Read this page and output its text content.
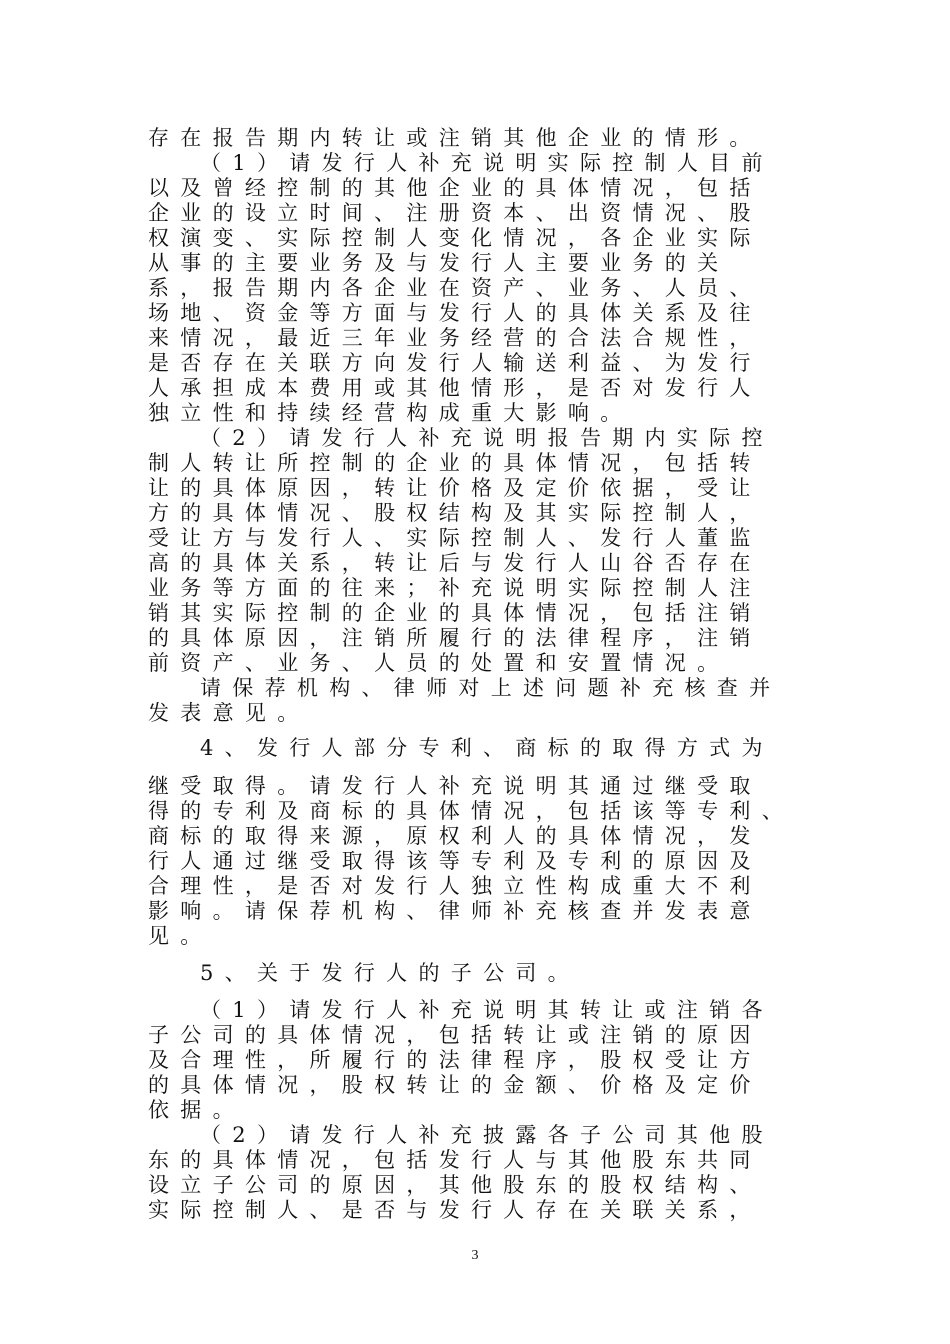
存在报告期内转让或注销其他企业的情形。
（1）请发行人补充说明实际控制人目前
以及曾经控制的其他企业的具体情况，包括
企业的设立时间、注册资本、出资情况、股
权演变、实际控制人变化情况，各企业实际
从事的主要业务及与发行人主要业务的关
系，报告期内各企业在资产、业务、人员、
场地、资金等方面与发行人的具体关系及往
来情况，最近三年业务经营的合法合规性，
是否存在关联方向发行人输送利益、为发行
人承担成本费用或其他情形，是否对发行人
独立性和持续经营构成重大影响。
（2）请发行人补充说明报告期内实际控
制人转让所控制的企业的具体情况，包括转
让的具体原因，转让价格及定价依据，受让
方的具体情况、股权结构及其实际控制人，
受让方与发行人、实际控制人、发行人董监
高的具体关系，转让后与发行人山谷否存在
业务等方面的往来；补充说明实际控制人注
销其实际控制的企业的具体情况，包括注销
的具体原因，注销所履行的法律程序，注销
前资产、业务、人员的处置和安置情况。
请保荐机构、律师对上述问题补充核查并
发表意见。
4、发行人部分专利、商标的取得方式为
继受取得。请发行人补充说明其通过继受取
得的专利及商标的具体情况，包括该等专利、
商标的取得来源，原权利人的具体情况，发
行人通过继受取得该等专利及专利的原因及
合理性，是否对发行人独立性构成重大不利
影响。请保荐机构、律师补充核查并发表意
见。
5、关于发行人的子公司。
（1）请发行人补充说明其转让或注销各
子公司的具体情况，包括转让或注销的原因
及合理性，所履行的法律程序，股权受让方
的具体情况，股权转让的金额、价格及定价
依据。
（2）请发行人补充披露各子公司其他股
东的具体情况，包括发行人与其他股东共同
设立子公司的原因，其他股东的股权结构、
实际控制人、是否与发行人存在关联关系，
3
